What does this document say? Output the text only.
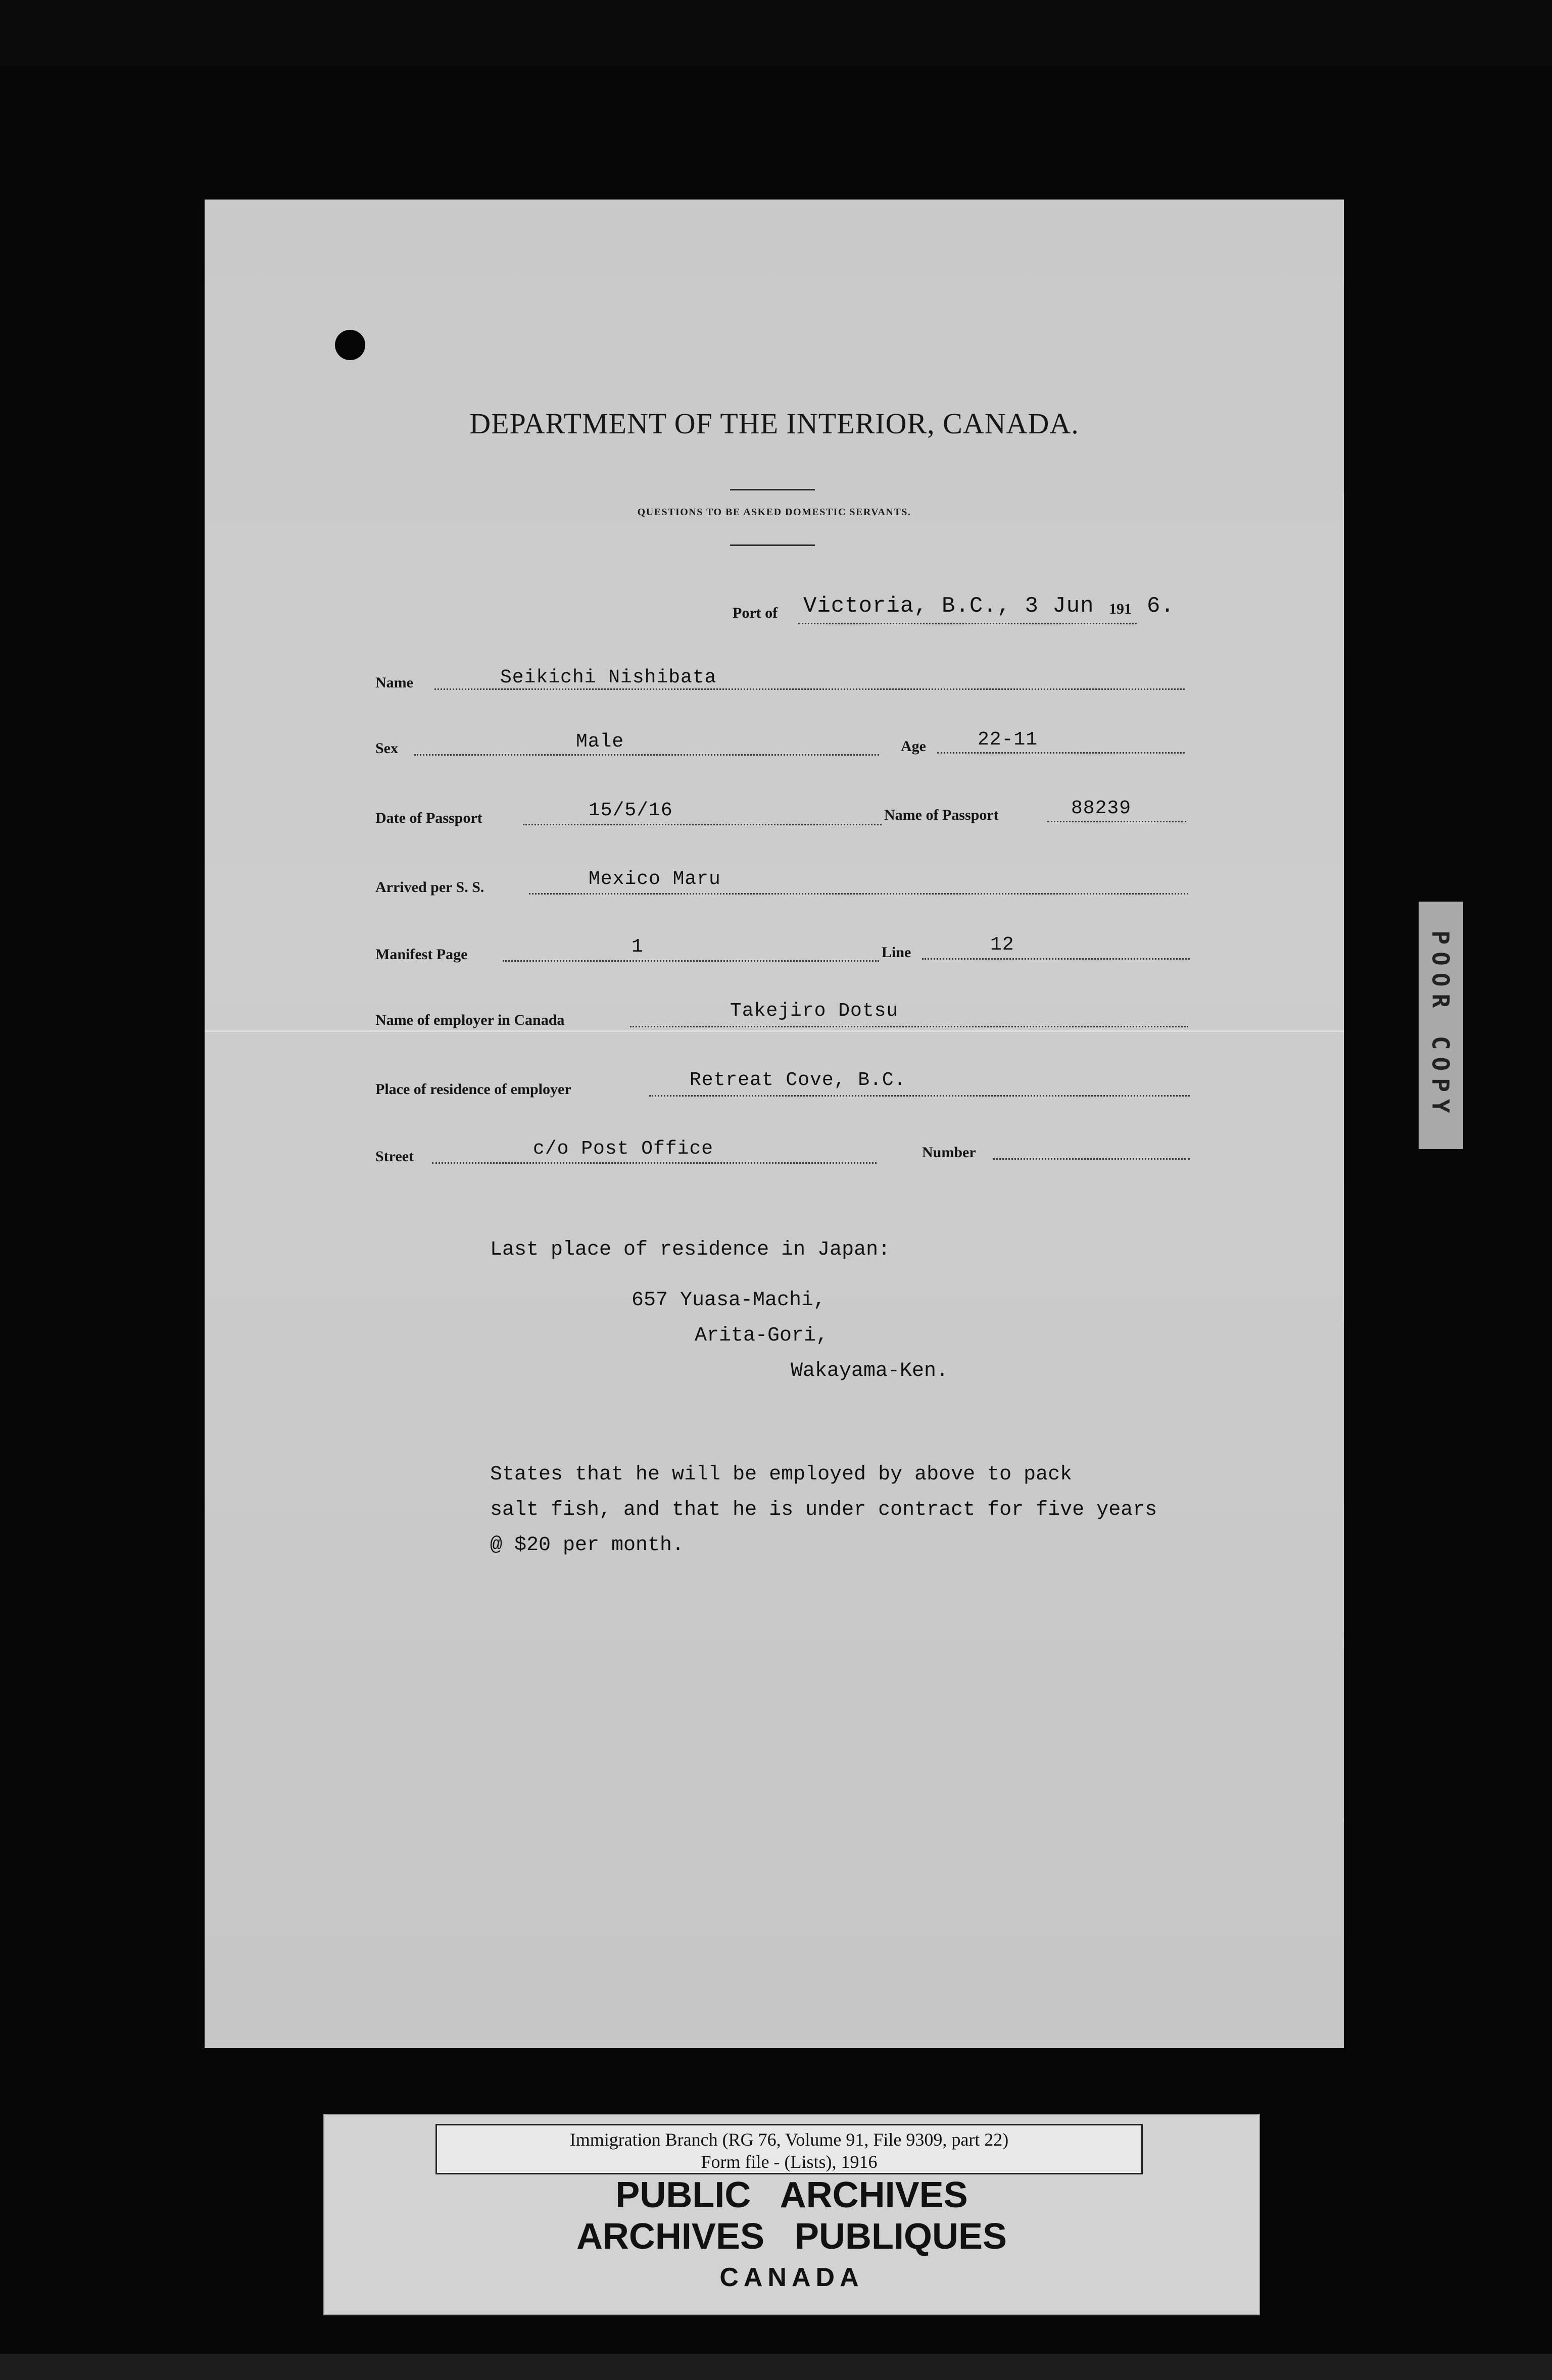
DEPARTMENT OF THE INTERIOR, CANADA.
QUESTIONS TO BE ASKED DOMESTIC SERVANTS.
Port of Victoria, B.C., 3 Jun 191 6.
Name	Seikichi Nishibata
Sex	Male	Age	22-11
Date of Passport	15/5/16	Name of Passport	88239
Arrived per S. S.	Mexico Maru
Manifest Page	1	Line	12
Name of employer in Canada	Takejiro Dotsu
Place of residence of employer	Retreat Cove, B.C.
Street	c/o Post Office	Number
Last place of residence in Japan:
657 Yuasa-Machi,
Arita-Gori,
Wakayama-Ken.
States that he will be employed by above to pack
salt fish, and that he is under contract for five years
@ $20 per month.
POOR COPY
Immigration Branch (RG 76, Volume 91, File 9309, part 22)
Form file - (Lists), 1916
PUBLIC ARCHIVES
ARCHIVES PUBLIQUES
CANADA
